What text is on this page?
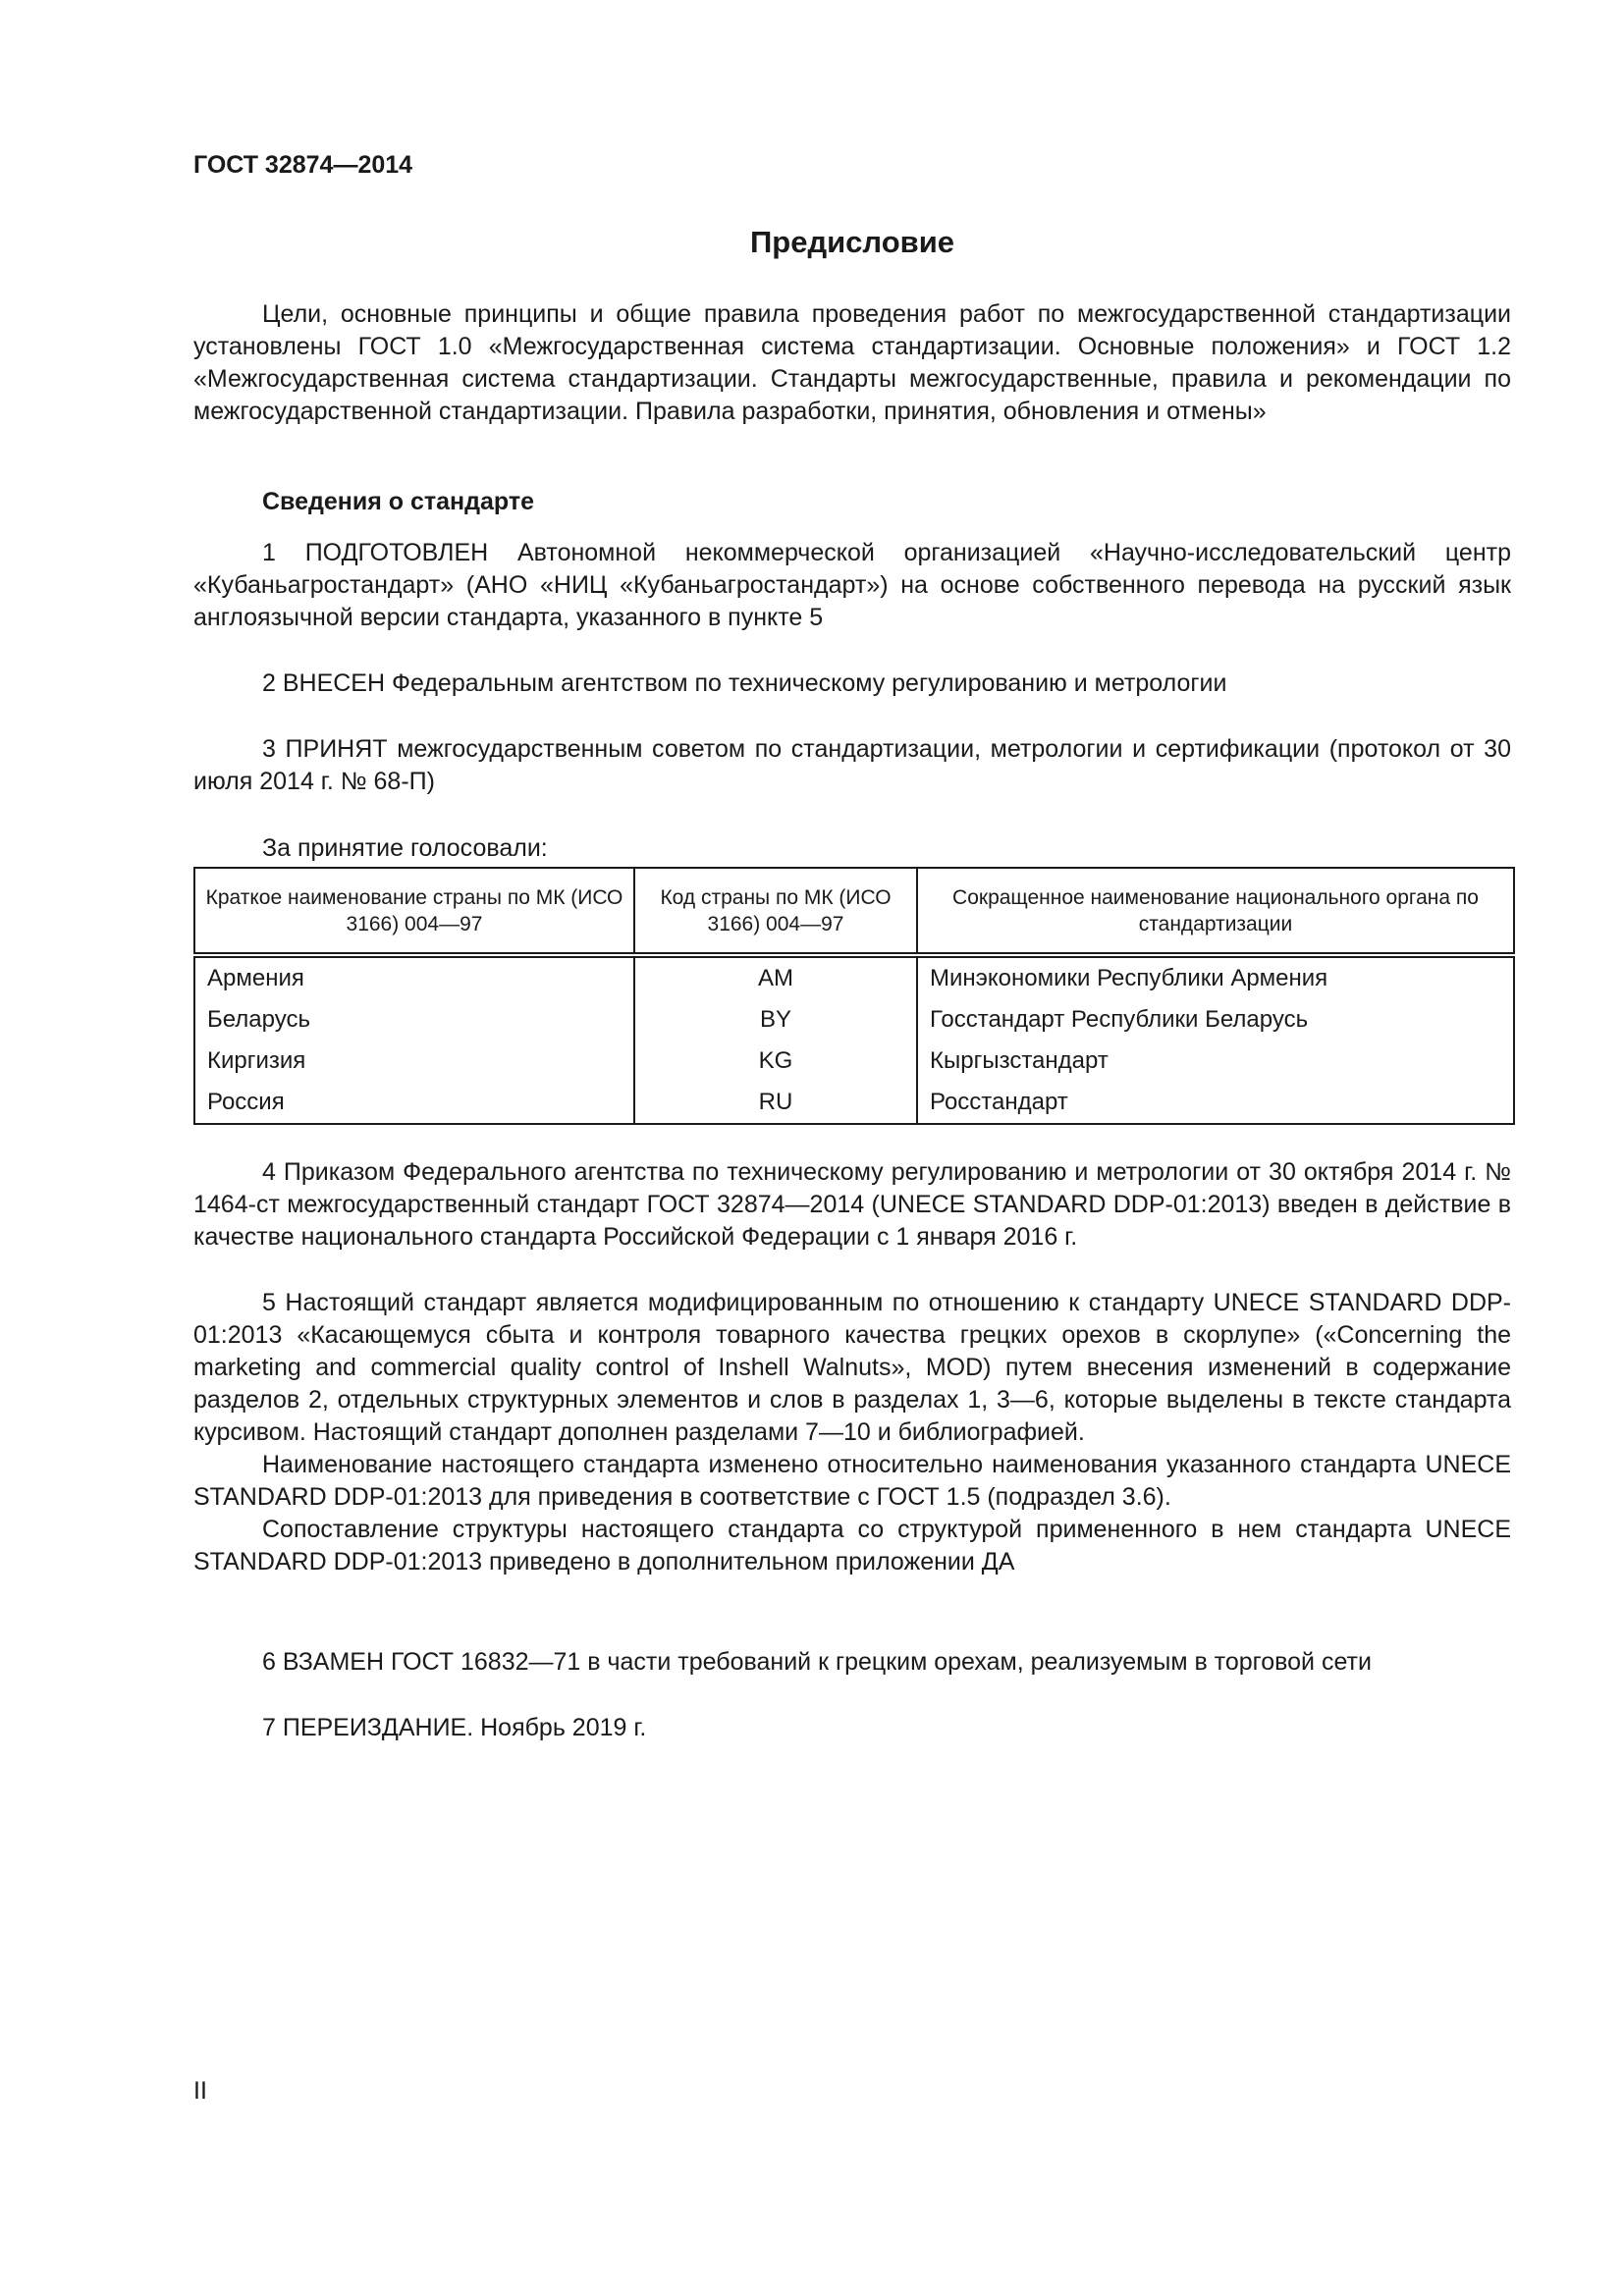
ГОСТ 32874—2014

Предисловие

Цели, основные принципы и общие правила проведения работ по межгосударственной стандартизации установлены ГОСТ 1.0 «Межгосударственная система стандартизации. Основные положения» и ГОСТ 1.2 «Межгосударственная система стандартизации. Стандарты межгосударственные, правила и рекомендации по межгосударственной стандартизации. Правила разработки, принятия, обновления и отмены»

Сведения о стандарте

1 ПОДГОТОВЛЕН Автономной некоммерческой организацией «Научно-исследовательский центр «Кубаньагростандарт» (АНО «НИЦ «Кубаньагростандарт») на основе собственного перевода на русский язык англоязычной версии стандарта, указанного в пункте 5

2 ВНЕСЕН Федеральным агентством по техническому регулированию и метрологии

3 ПРИНЯТ межгосударственным советом по стандартизации, метрологии и сертификации (протокол от 30 июля 2014 г. № 68-П)

За принятие голосовали:

Краткое наименование страны по МК (ИСО 3166) 004—97	Код страны по МК (ИСО 3166) 004—97	Сокращенное наименование национального органа по стандартизации
Армения	AM	Минэкономики Республики Армения
Беларусь	BY	Госстандарт Республики Беларусь
Киргизия	KG	Кыргызстандарт
Россия	RU	Росстандарт

4 Приказом Федерального агентства по техническому регулированию и метрологии от 30 октября 2014 г. № 1464-ст межгосударственный стандарт ГОСТ 32874—2014 (UNECE STANDARD DDP-01:2013) введен в действие в качестве национального стандарта Российской Федерации с 1 января 2016 г.

5 Настоящий стандарт является модифицированным по отношению к стандарту UNECE STANDARD DDP-01:2013 «Касающемуся сбыта и контроля товарного качества грецких орехов в скорлупе» («Concerning the marketing and commercial quality control of Inshell Walnuts», MOD) путем внесения изменений в содержание разделов 2, отдельных структурных элементов и слов в разделах 1, 3—6, которые выделены в тексте стандарта курсивом. Настоящий стандарт дополнен разделами 7—10 и библиографией.

Наименование настоящего стандарта изменено относительно наименования указанного стандарта UNECE STANDARD DDP-01:2013 для приведения в соответствие с ГОСТ 1.5 (подраздел 3.6).

Сопоставление структуры настоящего стандарта со структурой примененного в нем стандарта UNECE STANDARD DDP-01:2013 приведено в дополнительном приложении ДА

6 ВЗАМЕН ГОСТ 16832—71 в части требований к грецким орехам, реализуемым в торговой сети

7 ПЕРЕИЗДАНИЕ. Ноябрь 2019 г.

II
